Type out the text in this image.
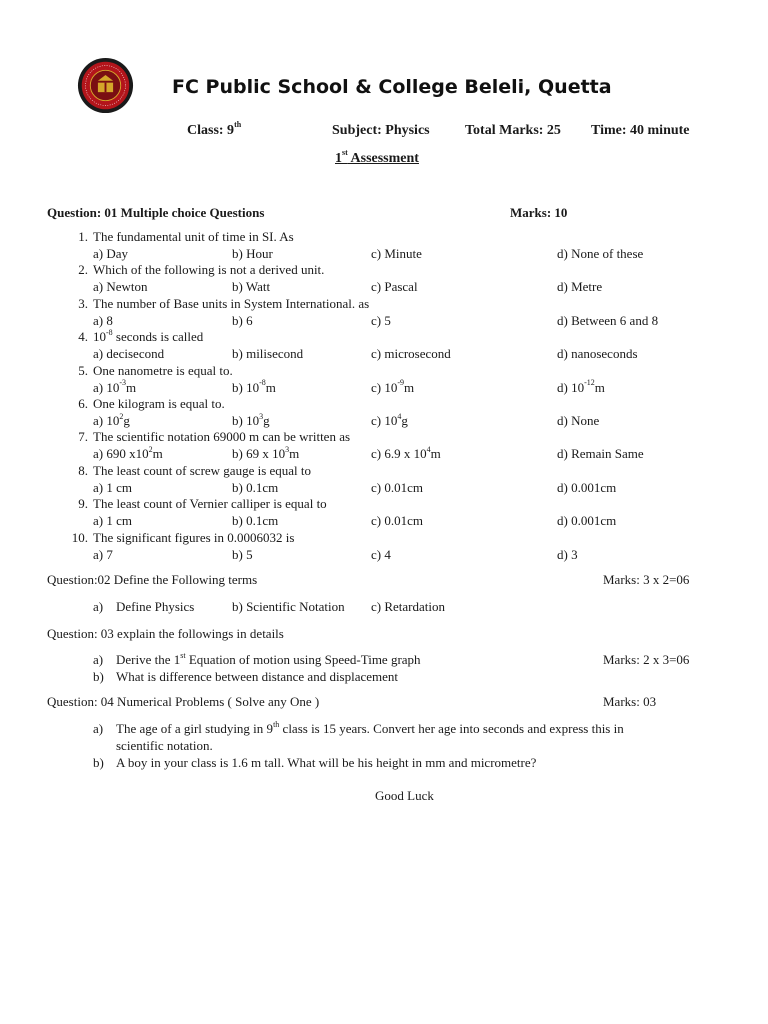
FC Public School & College Beleli, Quetta
Class: 9th	Subject: Physics	Total Marks: 25 Time: 40 minute
1st Assessment
Question: 01 Multiple choice Questions	Marks: 10
1. The fundamental unit of time in SI. As
a) Day	b) Hour	c) Minute	d) None of these
2. Which of the following is not a derived unit.
a) Newton	b) Watt	c) Pascal	d) Metre
3. The number of Base units in System International. as
a) 8	b) 6	c) 5	d) Between 6 and 8
4. $10^{-8}$ seconds is called
a) decisecond	b) milisecond	c) microsecond	d) nanoseconds
5. One nanometre is equal to.
a) $10^{-3}m$	b) $10^{-8}m$	c) $10^{-9}m$	d) $10^{-12}m$
6. One kilogram is equal to.
a) $10^2g$	b) $10^3g$	c) $10^4g$	d) None
7. The scientific notation 69000 m can be written as
a) 690 $x10^2m$	b) 69 x $10^3m$	c) 6.9 x $10^4m$	d) Remain Same
8. The least count of screw gauge is equal to
a) 1 cm	b) 0.1cm	c) 0.01cm	d) 0.001cm
9. The least count of Vernier calliper is equal to
a) 1 cm	b) 0.1cm	c) 0.01cm	d) 0.001cm
10. The significant figures in 0.0006032 is
a) 7	b) 5	c) 4	d) 3
Question:02 Define the Following terms	Marks: 3 x 2=06
a) Define Physics	b) Scientific Notation c) Retardation
Question: 03 explain the followings in details
a) Derive the 1st Equation of motion using Speed-Time graph	Marks: 2 x 3=06
b) What is difference between distance and displacement
Question: 04 Numerical Problems ( Solve any One )	Marks: 03
a) The age of a girl studying in 9th class is 15 years. Convert her age into seconds and express this in
scientific notation.
b) A boy in your class is 1.6 m tall. What will be his height in mm and micrometre?
Good Luck
